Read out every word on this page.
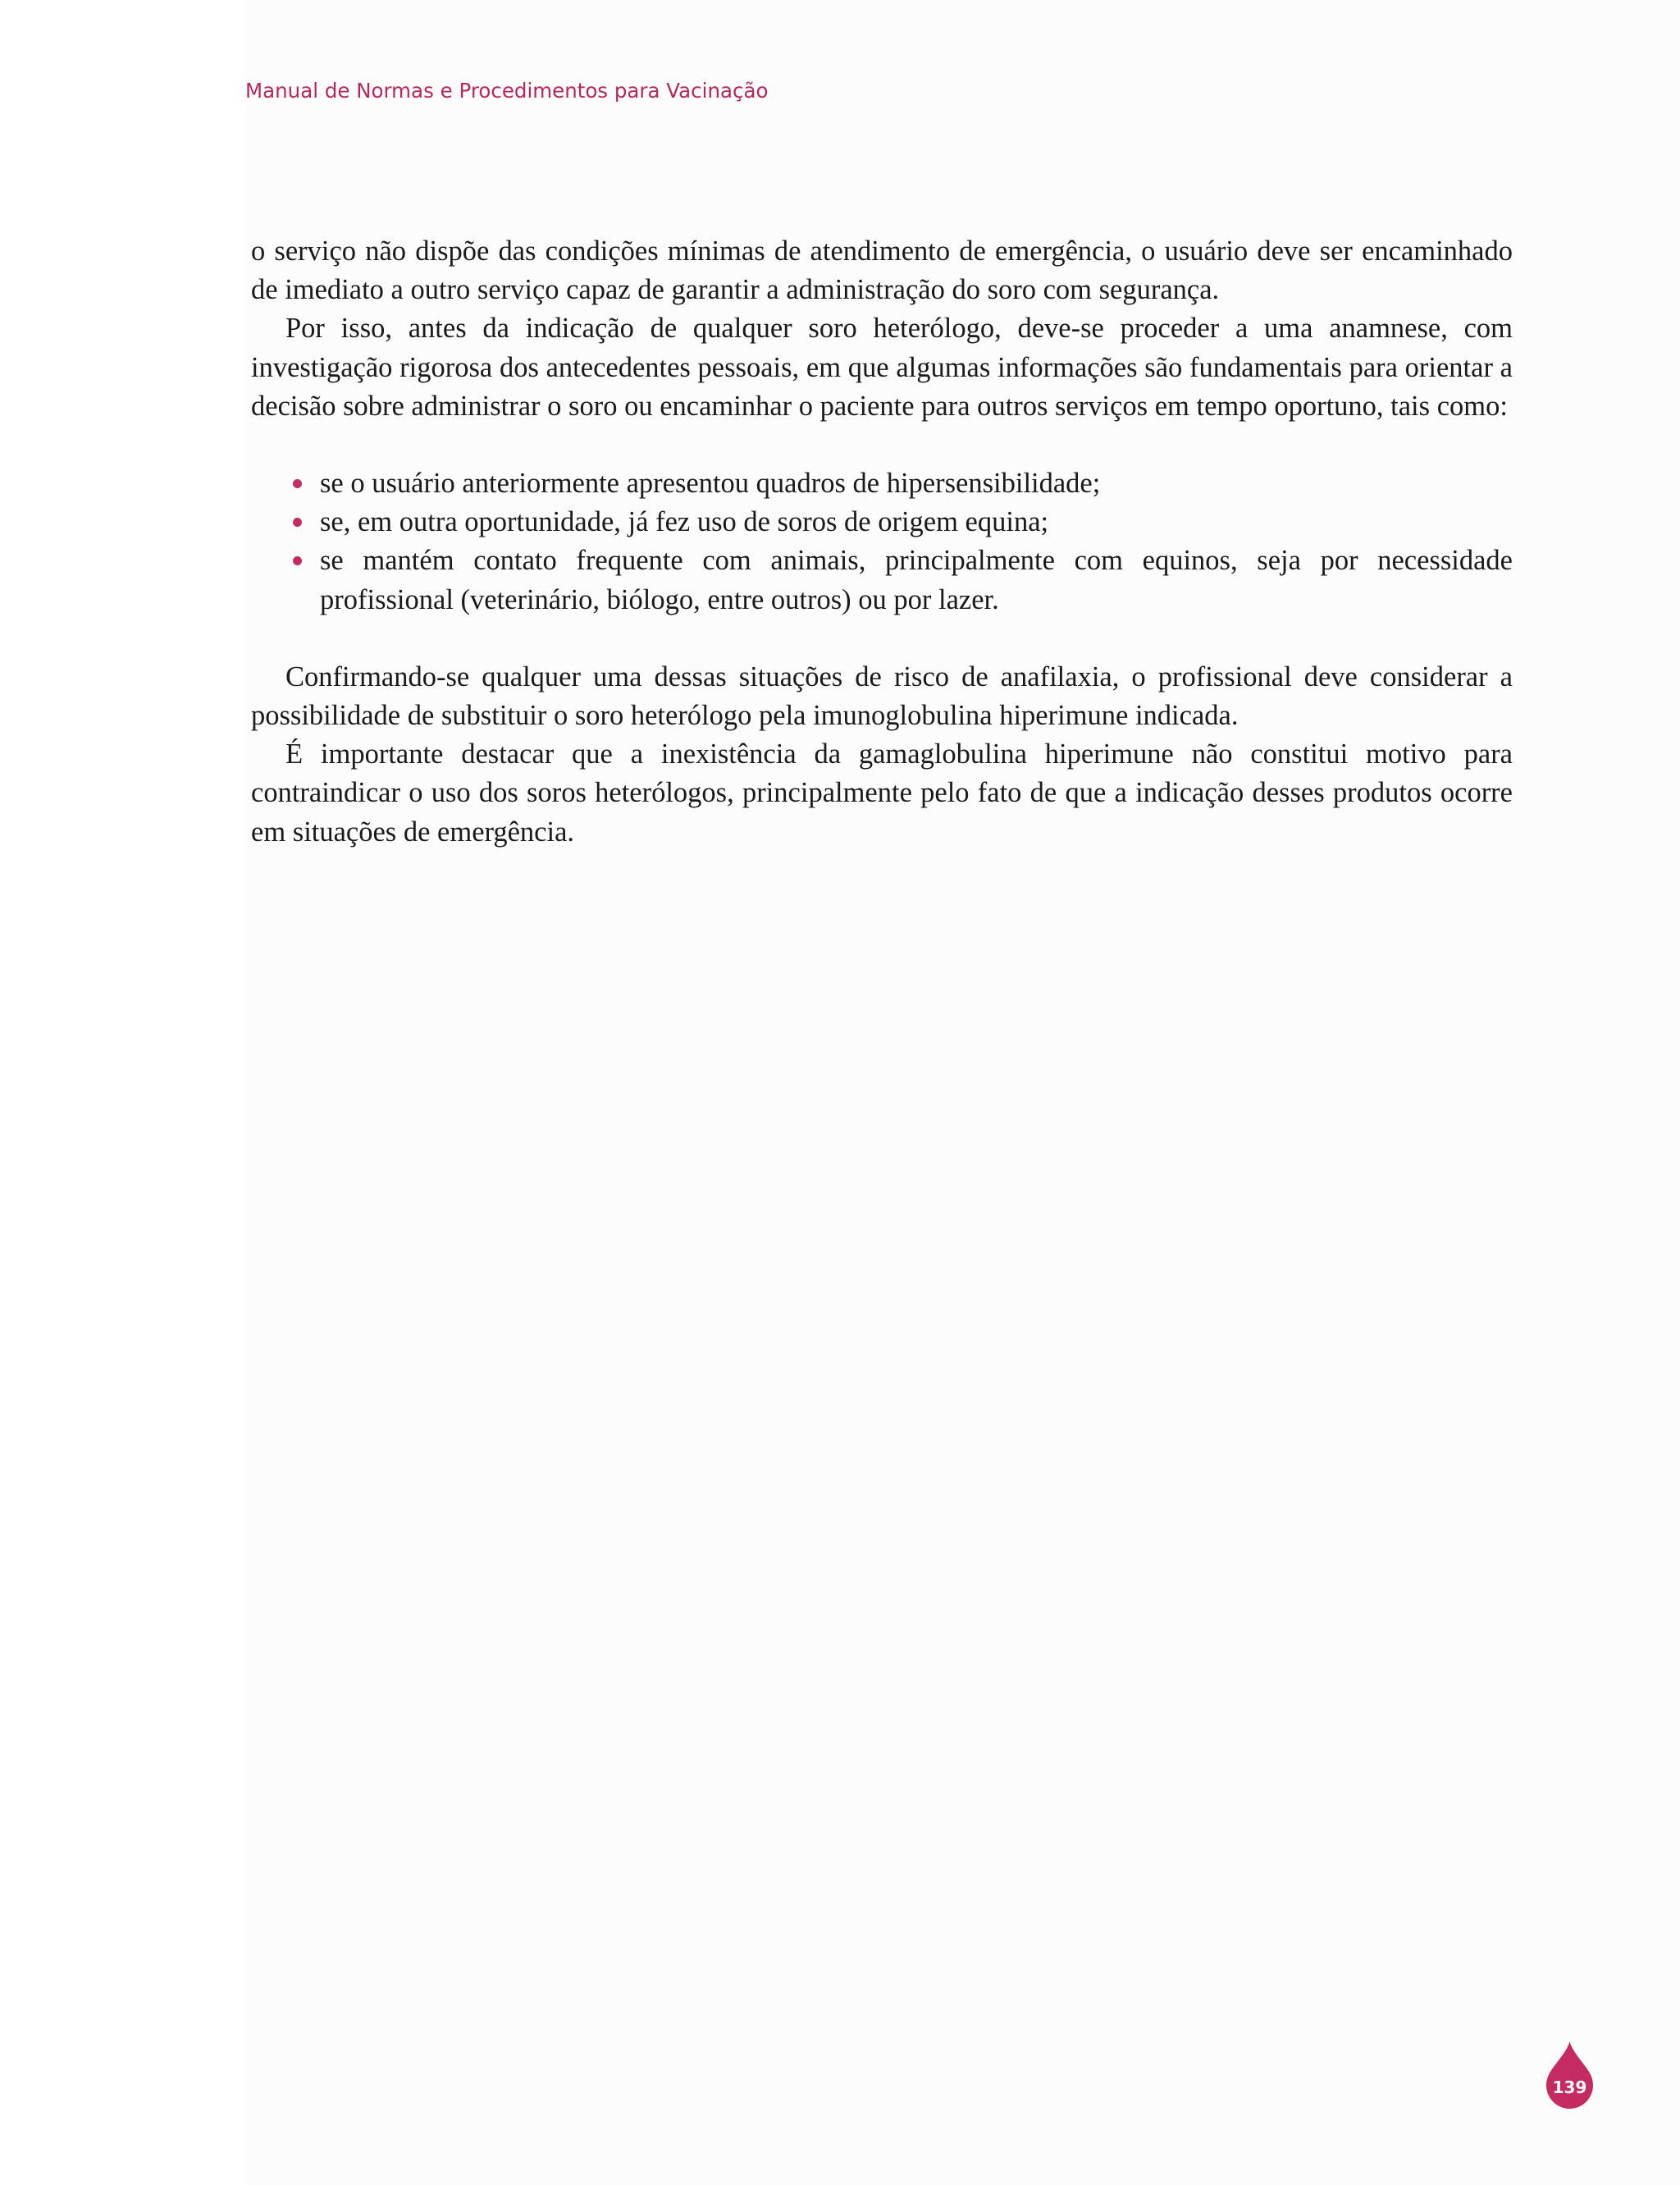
Manual de Normas e Procedimentos para Vacinação

o serviço não dispõe das condições mínimas de atendimento de emergência, o usuário deve ser encaminhado de imediato a outro serviço capaz de garantir a administração do soro com segurança.

Por isso, antes da indicação de qualquer soro heterólogo, deve-se proceder a uma anamnese, com investigação rigorosa dos antecedentes pessoais, em que algumas informações são fundamentais para orientar a decisão sobre administrar o soro ou encaminhar o paciente para outros serviços em tempo oportuno, tais como:

se o usuário anteriormente apresentou quadros de hipersensibilidade;
se, em outra oportunidade, já fez uso de soros de origem equina;
se mantém contato frequente com animais, principalmente com equinos, seja por necessidade profissional (veterinário, biólogo, entre outros) ou por lazer.

Confirmando-se qualquer uma dessas situações de risco de anafilaxia, o profissional deve considerar a possibilidade de substituir o soro heterólogo pela imunoglobulina hiperimune indicada.

É importante destacar que a inexistência da gamaglobulina hiperimune não constitui motivo para contraindicar o uso dos soros heterólogos, principalmente pelo fato de que a indicação desses produtos ocorre em situações de emergência.

139
